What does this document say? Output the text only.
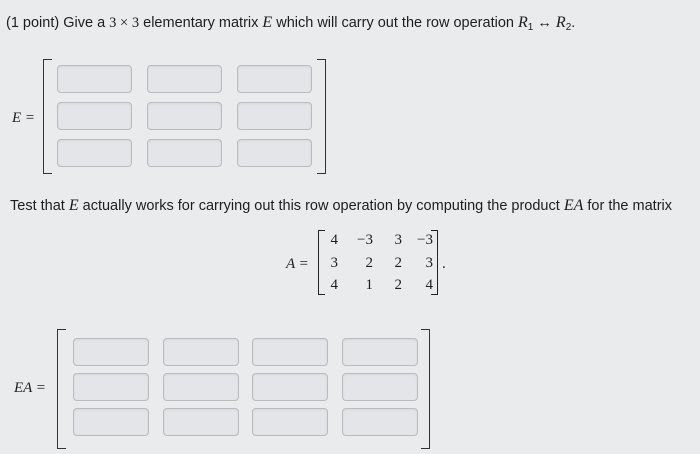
(1 point) Give a 3 × 3 elementary matrix E which will carry out the row operation $R_1$ ↔ $R_2$.
E =
Test that E actually works for carrying out this row operation by computing the product EA for the matrix
A =
4	−3	3	−3
3	2	2	3
4	1	2	4
.
EA =
